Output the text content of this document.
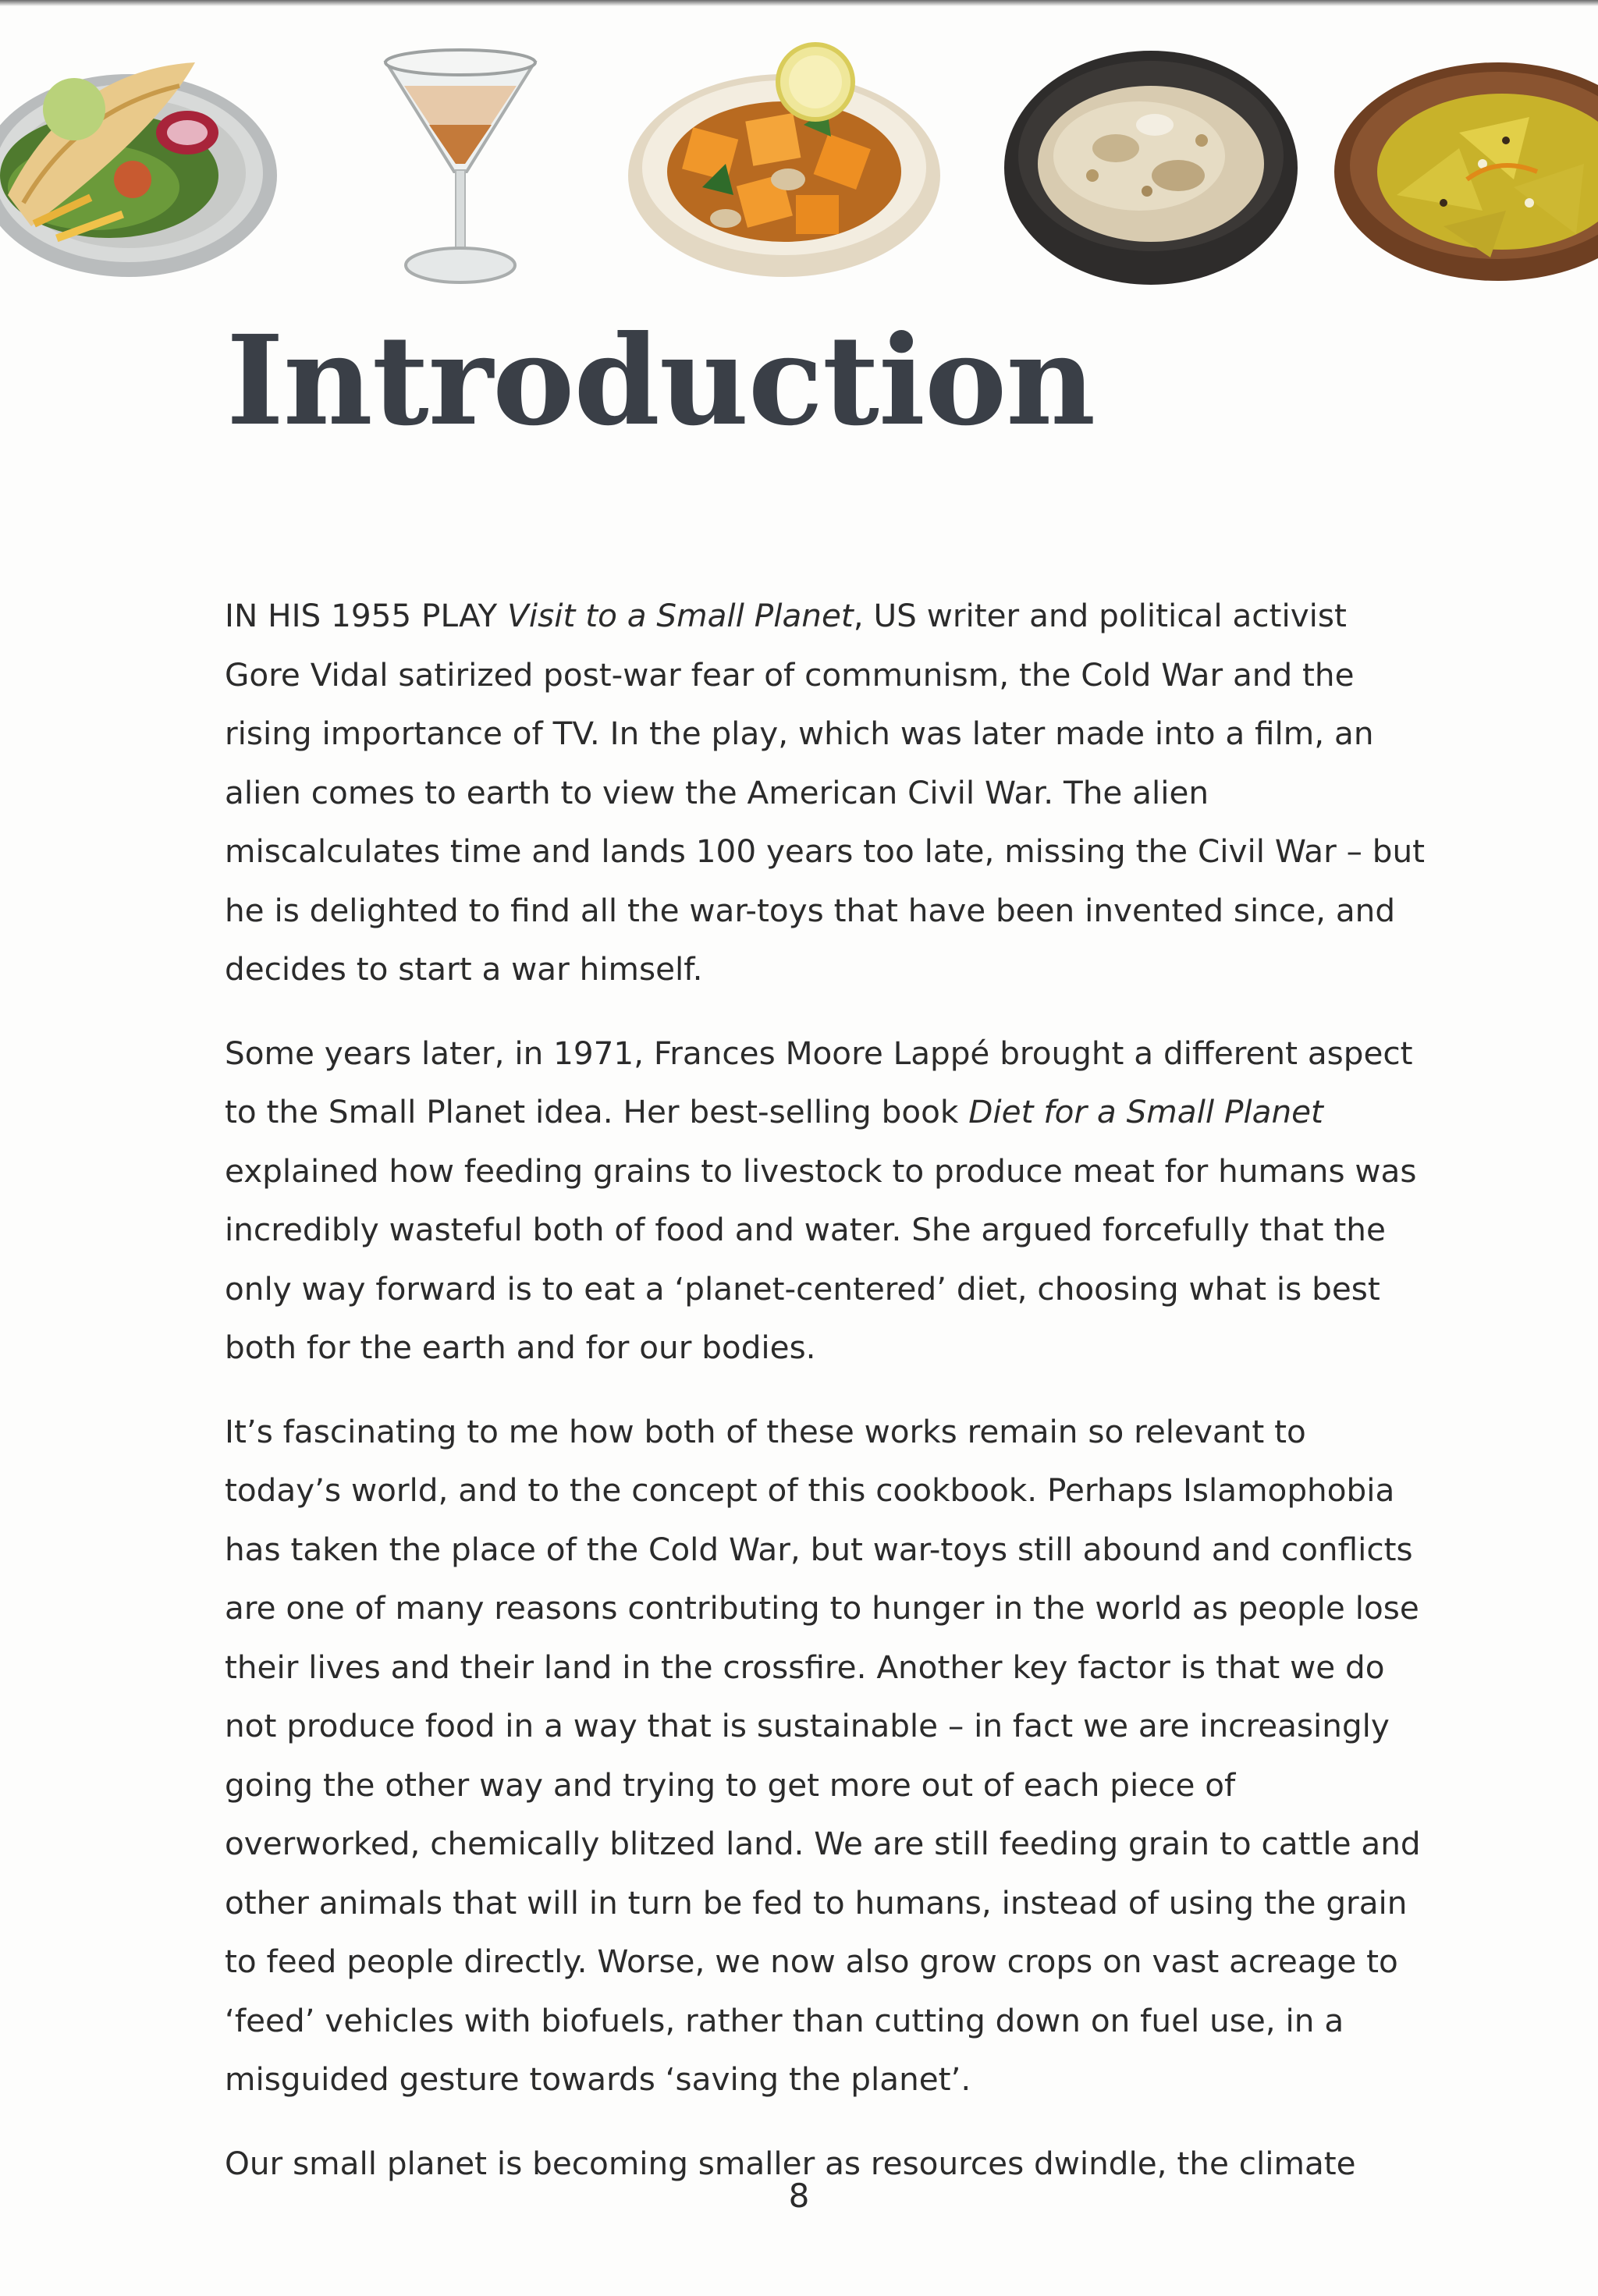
Introduction

IN HIS 1955 PLAY Visit to a Small Planet, US writer and political activist Gore Vidal satirized post-war fear of communism, the Cold War and the rising importance of TV. In the play, which was later made into a film, an alien comes to earth to view the American Civil War. The alien miscalculates time and lands 100 years too late, missing the Civil War – but he is delighted to find all the war-toys that have been invented since, and decides to start a war himself.

Some years later, in 1971, Frances Moore Lappé brought a different aspect to the Small Planet idea. Her best-selling book Diet for a Small Planet explained how feeding grains to livestock to produce meat for humans was incredibly wasteful both of food and water. She argued forcefully that the only way forward is to eat a ‘planet-centered’ diet, choosing what is best both for the earth and for our bodies.

It’s fascinating to me how both of these works remain so relevant to today’s world, and to the concept of this cookbook. Perhaps Islamophobia has taken the place of the Cold War, but war-toys still abound and conflicts are one of many reasons contributing to hunger in the world as people lose their lives and their land in the crossfire. Another key factor is that we do not produce food in a way that is sustainable – in fact we are increasingly going the other way and trying to get more out of each piece of overworked, chemically blitzed land. We are still feeding grain to cattle and other animals that will in turn be fed to humans, instead of using the grain to feed people directly. Worse, we now also grow crops on vast acreage to ‘feed’ vehicles with biofuels, rather than cutting down on fuel use, in a misguided gesture towards ‘saving the planet’.

Our small planet is becoming smaller as resources dwindle, the climate

8
